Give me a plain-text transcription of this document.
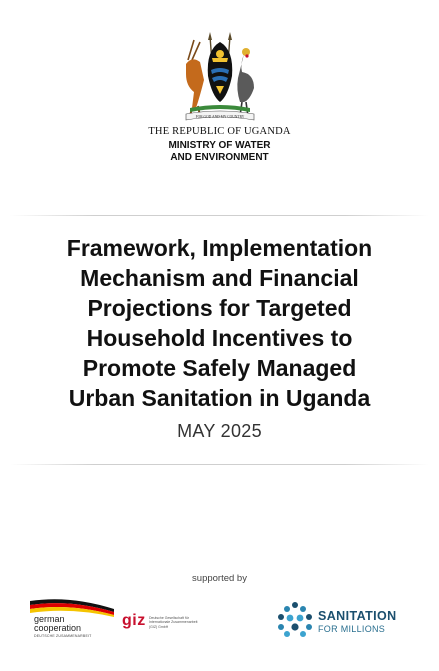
FOR GOD AND MY COUNTRY
THE REPUBLIC OF UGANDA
MINISTRY OF WATER
AND ENVIRONMENT
Framework, Implementation
Mechanism and Financial
Projections for Targeted
Household Incentives to
Promote Safely Managed
Urban Sanitation in Uganda
MAY 2025
supported by
german
cooperation
DEUTSCHE ZUSAMMENARBEIT
giz Deutsche Gesellschaft für Internationale Zusammenarbeit (GIZ) GmbH
SANITATION
FOR MILLIONS
